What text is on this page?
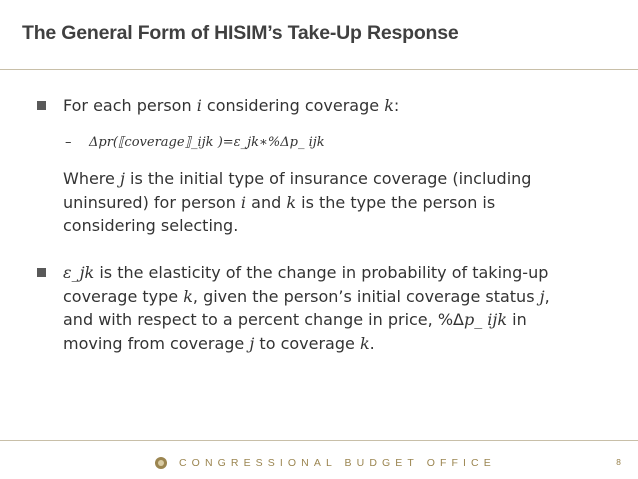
The General Form of HISIM’s Take-Up Response
For each person i considering coverage k:
– Δpr(⟦coverage⟧_ijk )=ε_jk∗%Δp_ ijk
Where j is the initial type of insurance coverage (including
uninsured) for person i and k is the type the person is
considering selecting.
ε_jk is the elasticity of the change in probability of taking-up
coverage type k, given the person’s initial coverage status j,
and with respect to a percent change in price, %Δp_ ijk in
moving from coverage j to coverage k.
CONGRESSIONAL BUDGET OFFICE	8
